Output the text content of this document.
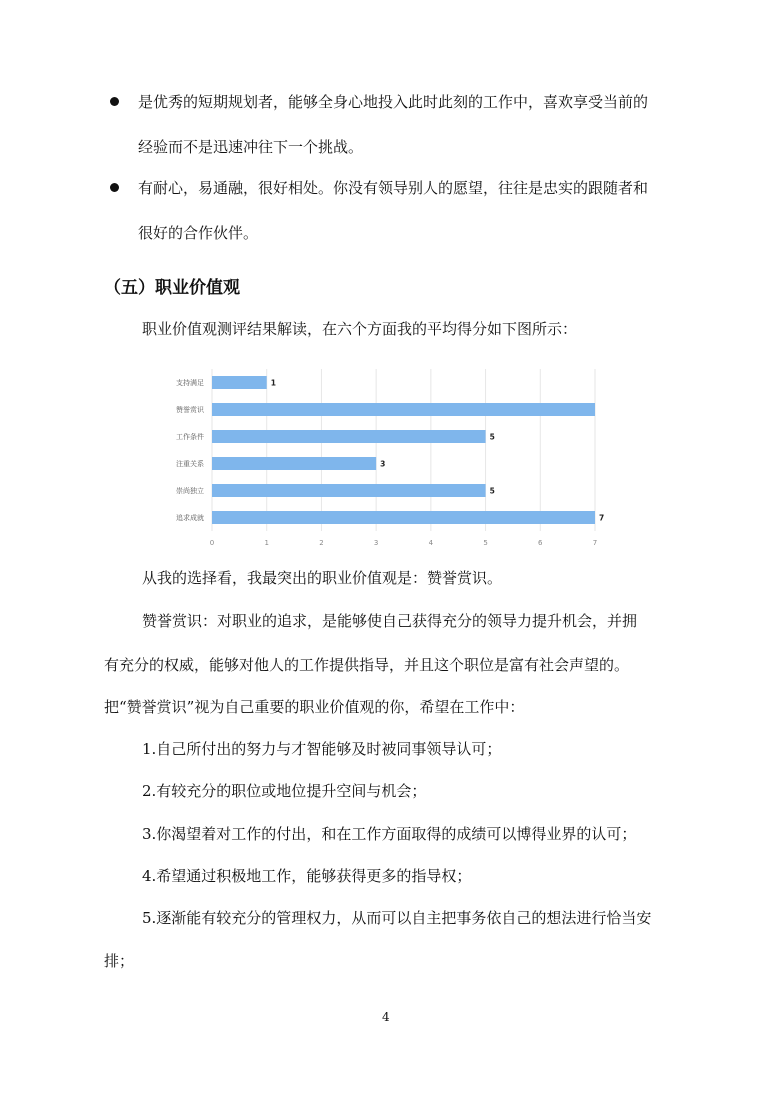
是优秀的短期规划者，能够全身心地投入此时此刻的工作中，喜欢享受当前的
经验而不是迅速冲往下一个挑战。
有耐心，易通融，很好相处。你没有领导别人的愿望，往往是忠实的跟随者和
很好的合作伙伴。
（五）职业价值观
职业价值观测评结果解读，在六个方面我的平均得分如下图所示：
0	1	2	3	4	5	6	7
支持满足	1
赞誉赏识
工作条件	5
注重关系	3
崇尚独立	5
追求成就	7
从我的选择看，我最突出的职业价值观是：赞誉赏识。
赞誉赏识：对职业的追求，是能够使自己获得充分的领导力提升机会，并拥
有充分的权威，能够对他人的工作提供指导，并且这个职位是富有社会声望的。
把“赞誉赏识”视为自己重要的职业价值观的你，希望在工作中：
1.自己所付出的努力与才智能够及时被同事领导认可；
2.有较充分的职位或地位提升空间与机会；
3.你渴望着对工作的付出，和在工作方面取得的成绩可以博得业界的认可；
4.希望通过积极地工作，能够获得更多的指导权；
5.逐渐能有较充分的管理权力，从而可以自主把事务依自己的想法进行恰当安
排；
4
